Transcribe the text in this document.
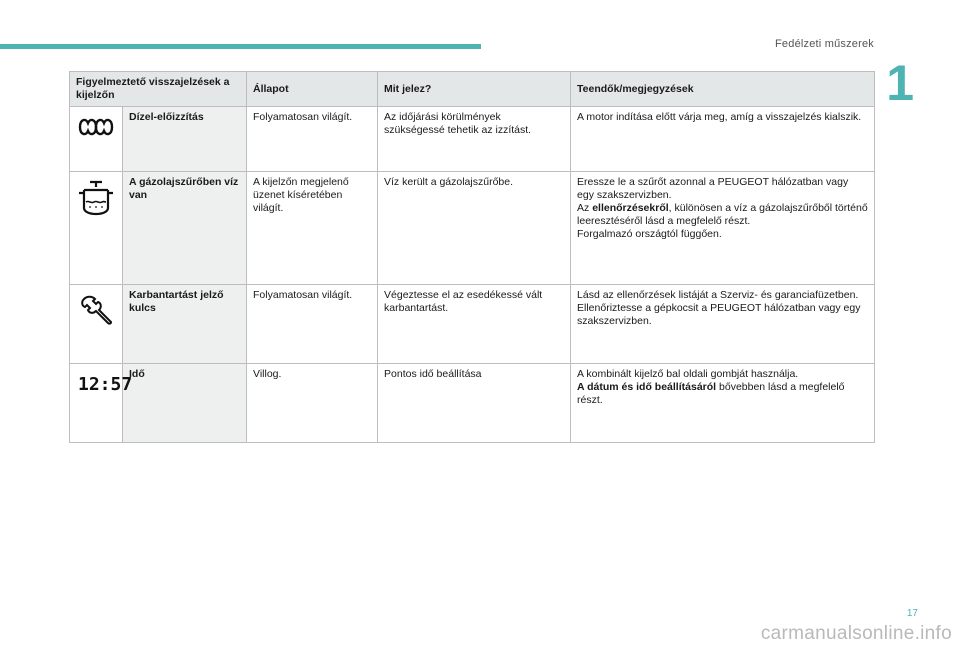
Fedélzeti műszerek
1
Figyelmeztető visszajelzések a kijelzőn		Állapot	Mit jelez?	Teendők/megjegyzések

	Dízel-előizzítás	Folyamatosan világít.	Az időjárási körülmények szükségessé tehetik az izzítást.	A motor indítása előtt várja meg, amíg a visszajelzés kialszik.

	A gázolajszűrőben víz van	A kijelzőn megjelenő üzenet kíséretében világít.	Víz került a gázolajszűrőbe.	Eressze le a szűrőt azonnal a PEUGEOT hálózatban vagy egy szakszervizben.
Az ellenőrzésekről, különösen a víz a gázolajszűrőből történő leeresztéséről lásd a megfelelő részt.
Forgalmazó országtól függően.

	Karbantartást jelző kulcs	Folyamatosan világít.	Végeztesse el az esedékessé vált karbantartást.	Lásd az ellenőrzések listáját a Szerviz- és garanciafüzetben.
Ellenőriztesse a gépkocsit a PEUGEOT hálózatban vagy egy szakszervizben.

12:57	Idő	Villog.	Pontos idő beállítása	A kombinált kijelző bal oldali gombját használja.
A dátum és idő beállításáról bővebben lásd a megfelelő részt.
17
carmanualsonline.info
